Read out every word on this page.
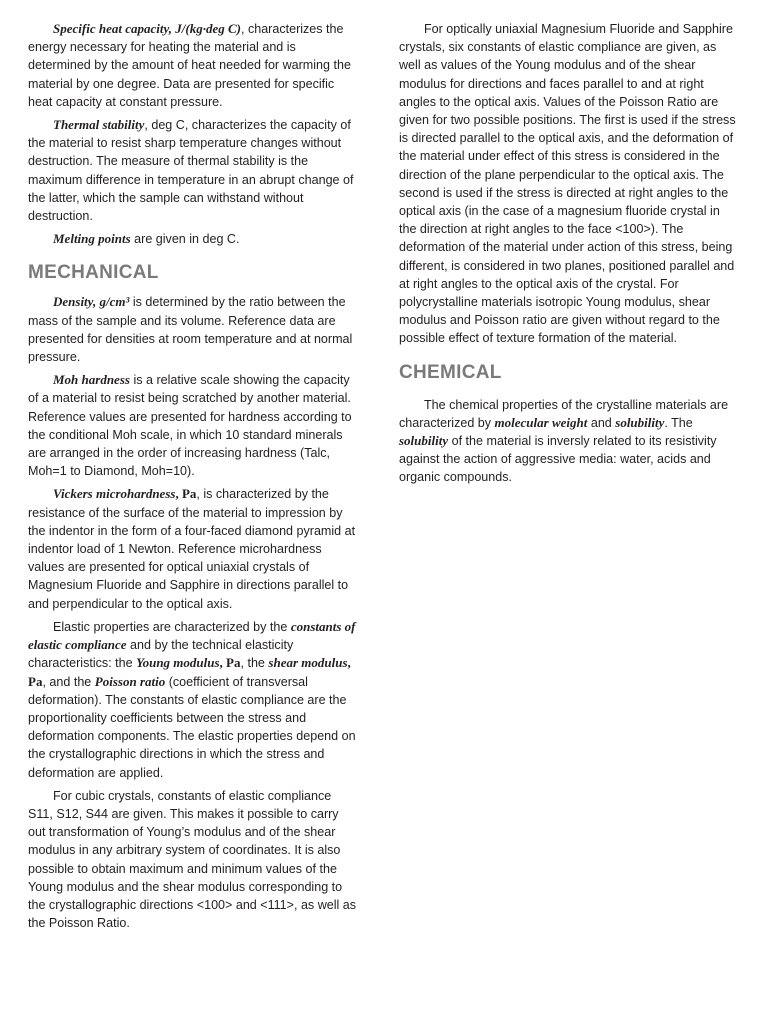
Specific heat capacity, J/(kg·deg C), characterizes the energy necessary for heating the material and is determined by the amount of heat needed for warming the material by one degree. Data are presented for specific heat capacity at constant pressure.

Thermal stability, deg C, characterizes the capacity of the material to resist sharp temperature changes without destruction. The measure of thermal stability is the maximum difference in temperature in an abrupt change of the latter, which the sample can withstand without destruction.

Melting points are given in deg C.

MECHANICAL

Density, g/cm³ is determined by the ratio between the mass of the sample and its volume. Reference data are presented for densities at room temperature and at normal pressure.

Moh hardness is a relative scale showing the capacity of a material to resist being scratched by another material. Reference values are presented for hardness according to the conditional Moh scale, in which 10 standard minerals are arranged in the order of increasing hardness (Talc, Moh=1 to Diamond, Moh=10).

Vickers microhardness, Pa, is characterized by the resistance of the surface of the material to impression by the indentor in the form of a four-faced diamond pyramid at indentor load of 1 Newton. Reference microhardness values are presented for optical uniaxial crystals of Magnesium Fluoride and Sapphire in directions parallel to and perpendicular to the optical axis.

Elastic properties are characterized by the constants of elastic compliance and by the technical elasticity characteristics: the Young modulus, Pa, the shear modulus, Pa, and the Poisson ratio (coefficient of transversal deformation). The constants of elastic compliance are the proportionality coefficients between the stress and deformation components. The elastic properties depend on the crystallographic directions in which the stress and deformation are applied.

For cubic crystals, constants of elastic compliance S11, S12, S44 are given. This makes it possible to carry out transformation of Young’s modulus and of the shear modulus in any arbitrary system of coordinates. It is also possible to obtain maximum and minimum values of the Young modulus and the shear modulus corresponding to the crystallographic directions <100> and <111>, as well as the Poisson Ratio.

For optically uniaxial Magnesium Fluoride and Sapphire crystals, six constants of elastic compliance are given, as well as values of the Young modulus and of the shear modulus for directions and faces parallel to and at right angles to the optical axis. Values of the Poisson Ratio are given for two possible positions. The first is used if the stress is directed parallel to the optical axis, and the deformation of the material under effect of this stress is considered in the direction of the plane perpendicular to the optical axis. The second is used if the stress is directed at right angles to the optical axis (in the case of a magnesium fluoride crystal in the direction at right angles to the face <100>). The deformation of the material under action of this stress, being different, is considered in two planes, positioned parallel and at right angles to the optical axis of the crystal. For polycrystalline materials isotropic Young modulus, shear modulus and Poisson ratio are given without regard to the possible effect of texture formation of the material.

CHEMICAL

The chemical properties of the crystalline materials are characterized by molecular weight and solubility. The solubility of the material is inversly related to its resistivity against the action of aggressive media: water, acids and organic compounds.
